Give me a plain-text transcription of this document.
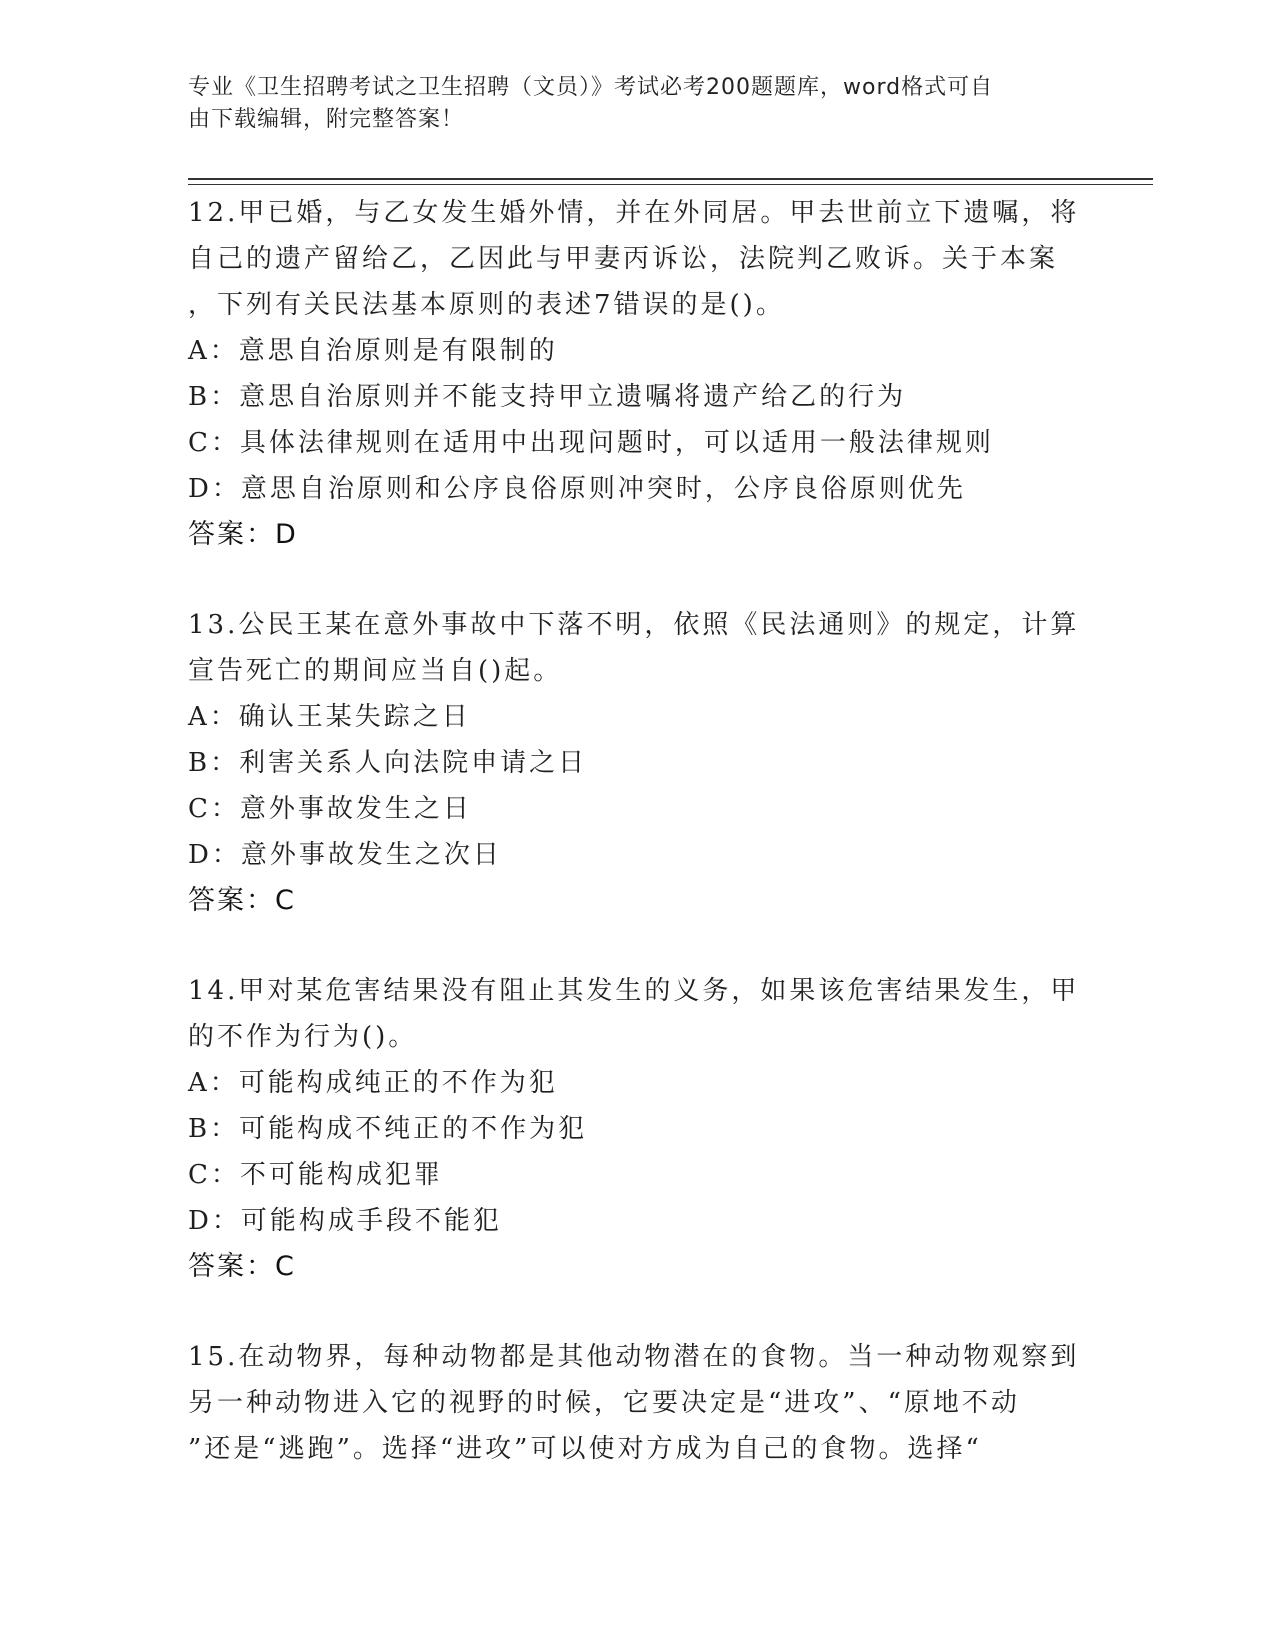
专业《卫生招聘考试之卫生招聘（文员）》考试必考200题题库，word格式可自
由下载编辑，附完整答案！

12.甲已婚，与乙女发生婚外情，并在外同居。甲去世前立下遗嘱，将
自己的遗产留给乙，乙因此与甲妻丙诉讼，法院判乙败诉。关于本案
，下列有关民法基本原则的表述7错误的是()。

A：意思自治原则是有限制的

B：意思自治原则并不能支持甲立遗嘱将遗产给乙的行为

C：具体法律规则在适用中出现问题时，可以适用一般法律规则

D：意思自治原则和公序良俗原则冲突时，公序良俗原则优先

答案：D

13.公民王某在意外事故中下落不明，依照《民法通则》的规定，计算
宣告死亡的期间应当自()起。

A：确认王某失踪之日

B：利害关系人向法院申请之日

C：意外事故发生之日

D：意外事故发生之次日

答案：C

14.甲对某危害结果没有阻止其发生的义务，如果该危害结果发生，甲
的不作为行为()。

A：可能构成纯正的不作为犯

B：可能构成不纯正的不作为犯

C：不可能构成犯罪

D：可能构成手段不能犯

答案：C

15.在动物界，每种动物都是其他动物潜在的食物。当一种动物观察到
另一种动物进入它的视野的时候，它要决定是“进攻”、“原地不动
”还是“逃跑”。选择“进攻”可以使对方成为自己的食物。选择“
